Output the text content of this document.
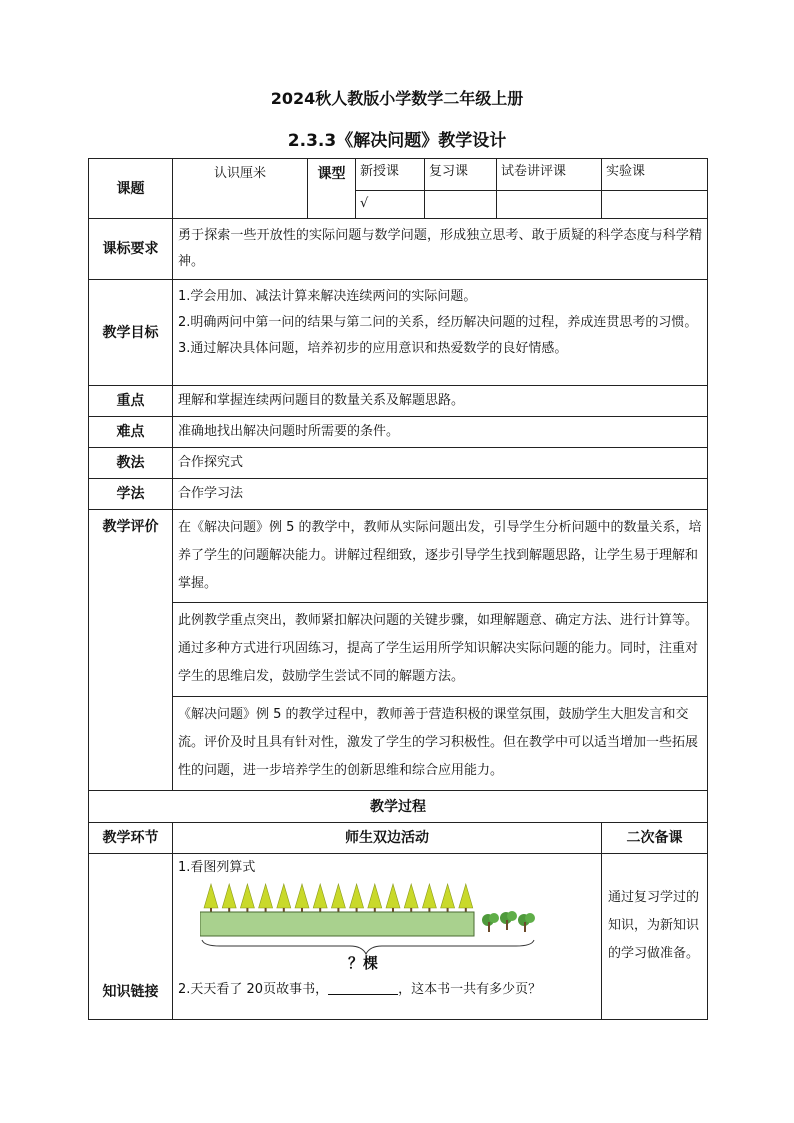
2024秋人教版小学数学二年级上册
2.3.3《解决问题》教学设计
课题	认识厘米	课型	新授课	复习课	试卷讲评课	实验课
			√			
课标要求	勇于探索一些开放性的实际问题与数学问题，形成独立思考、敢于质疑的科学态度与科学精神。					
教学目标	1.学会用加、减法计算来解决连续两问的实际问题。
2.明确两问中第一问的结果与第二问的关系，经历解决问题的过程，养成连贯思考的习惯。
3.通过解决具体问题，培养初步的应用意识和热爱数学的良好情感。					

重点	理解和掌握连续两问题目的数量关系及解题思路。					
难点	准确地找出解决问题时所需要的条件。					
教法	合作探究式					
学法	合作学习法					
教学评价	在《解决问题》例 5 的教学中，教师从实际问题出发，引导学生分析问题中的数量关系，培养了学生的问题解决能力。讲解过程细致，逐步引导学生找到解题思路，让学生易于理解和掌握。					
	此例教学重点突出，教师紧扣解决问题的关键步骤，如理解题意、确定方法、进行计算等。通过多种方式进行巩固练习，提高了学生运用所学知识解决实际问题的能力。同时，注重对学生的思维启发，鼓励学生尝试不同的解题方法。					
	《解决问题》例 5 的教学过程中，教师善于营造积极的课堂氛围，鼓励学生大胆发言和交流。评价及时且具有针对性，激发了学生的学习积极性。但在教学中可以适当增加一些拓展性的问题，进一步培养学生的创新思维和综合应用能力。					
教学过程						
教学环节	师生双边活动					二次备课
知识链接	1.看图列算式
？棵
2.天天看了 20页故事书， ，这本书一共有多少页？					通过复习学过的知识，为新知识的学习做准备。
